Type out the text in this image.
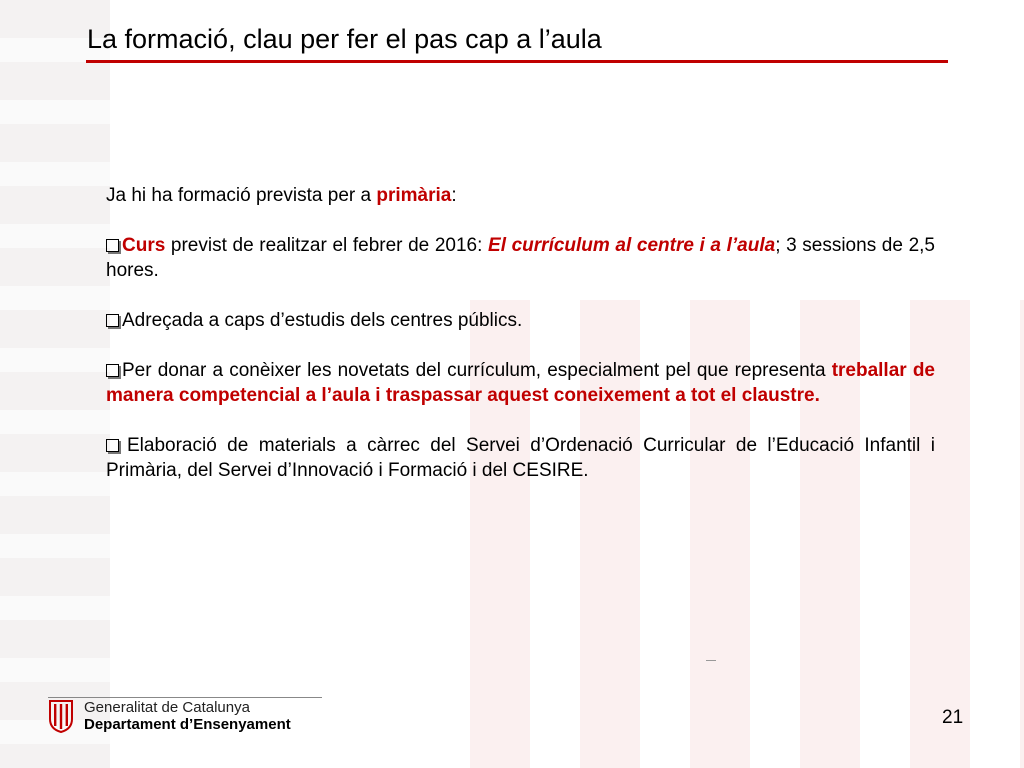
La formació, clau per fer el pas cap a l’aula

Ja hi ha formació prevista per a primària:

Curs previst de realitzar el febrer de 2016: El currículum al centre i a l’aula; 3 sessions de 2,5 hores.

Adreçada a caps d’estudis dels centres públics.

Per donar a conèixer les novetats del currículum, especialment pel que representa treballar de manera competencial a l’aula i traspassar aquest coneixement a tot el claustre.

Elaboració de materials a càrrec del Servei d’Ordenació Curricular de l’Educació Infantil i Primària, del Servei d’Innovació i Formació i del CESIRE.

Generalitat de Catalunya
Departament d’Ensenyament	21
